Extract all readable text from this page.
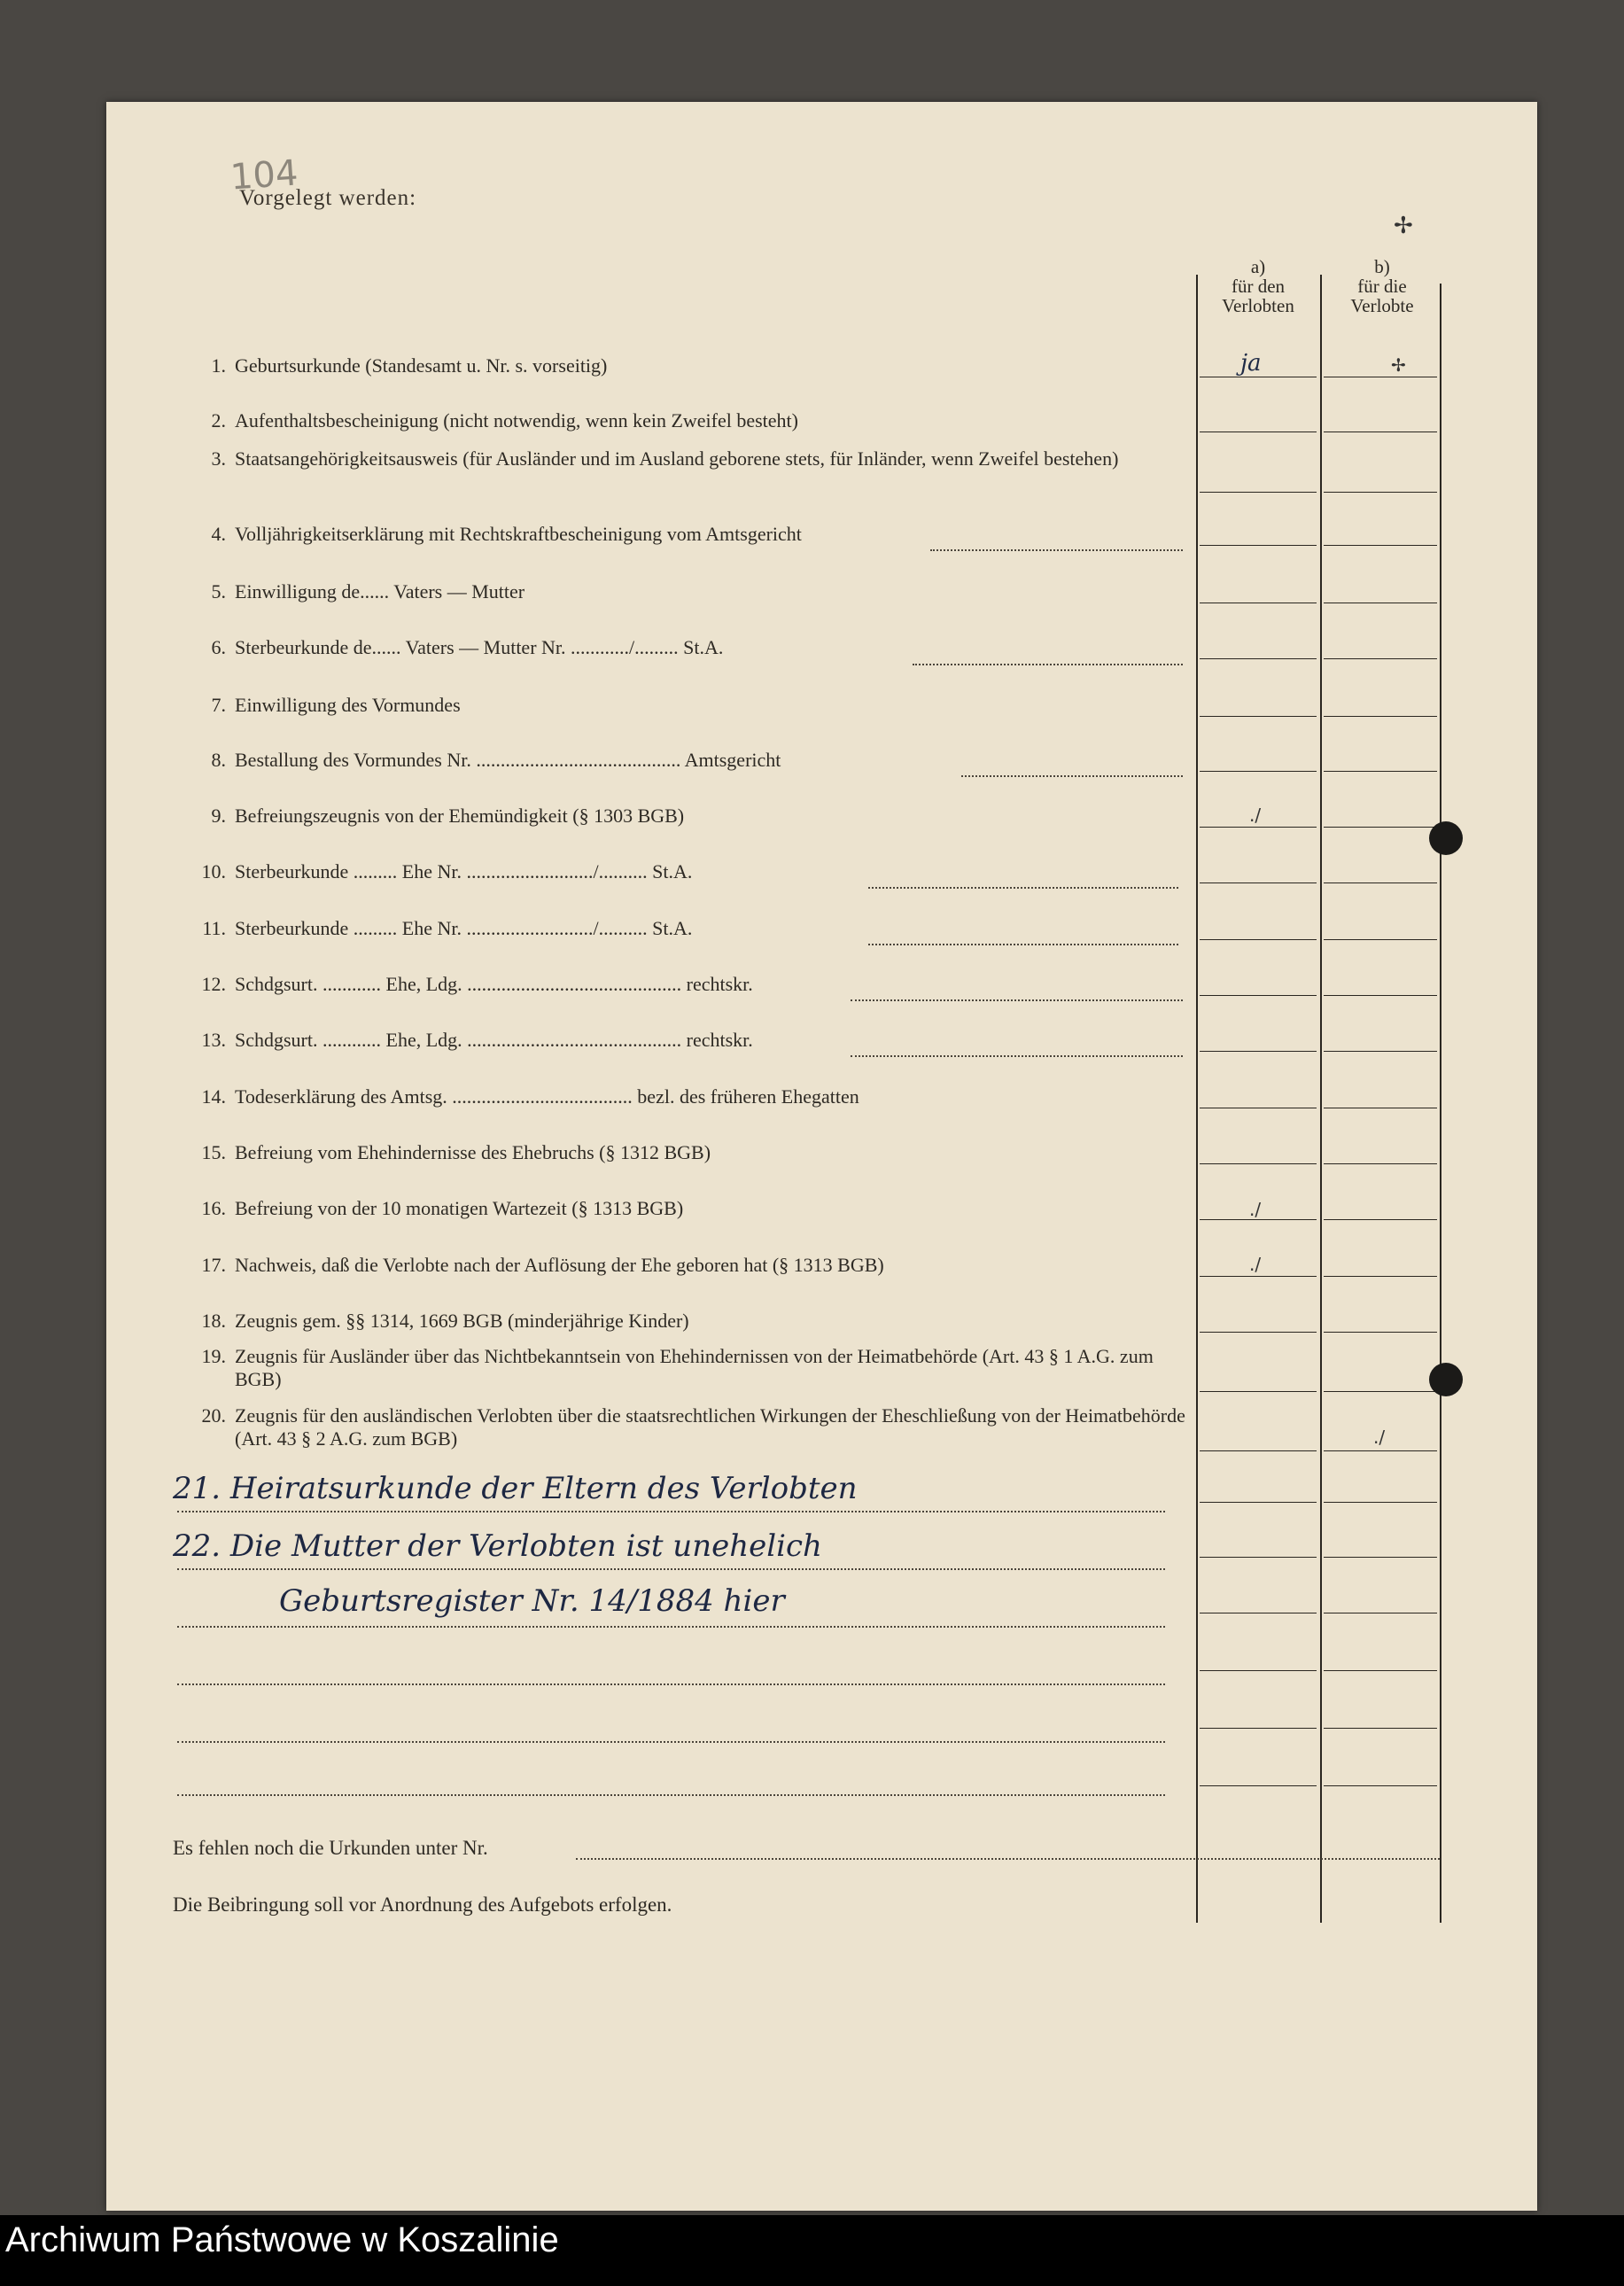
104
Vorgelegt werden:
✢
a)
für den
Verlobten
b)
für die
Verlobte
1. Geburtsurkunde (Standesamt u. Nr. s. vorseitig)
2. Aufenthaltsbescheinigung (nicht notwendig, wenn kein Zweifel besteht)
3. Staatsangehörigkeitsausweis (für Ausländer und im Ausland geborene stets, für Inländer, wenn Zweifel bestehen)
4. Volljährigkeitserklärung mit Rechtskraftbescheinigung vom Amtsgericht
5. Einwilligung de...... Vaters — Mutter
6. Sterbeurkunde de...... Vaters — Mutter Nr. ............/......... St.A.
7. Einwilligung des Vormundes
8. Bestallung des Vormundes Nr. .......................................... Amtsgericht
9. Befreiungszeugnis von der Ehemündigkeit (§ 1303 BGB)
10. Sterbeurkunde ......... Ehe Nr. ........................../.......... St.A.
11. Sterbeurkunde ......... Ehe Nr. ........................../.......... St.A.
12. Schdgsurt. ............ Ehe, Ldg. ............................................ rechtskr.
13. Schdgsurt. ............ Ehe, Ldg. ............................................ rechtskr.
14. Todeserklärung des Amtsg. ..................................... bezl. des früheren Ehegatten
15. Befreiung vom Ehehindernisse des Ehebruchs (§ 1312 BGB)
16. Befreiung von der 10 monatigen Wartezeit (§ 1313 BGB)
17. Nachweis, daß die Verlobte nach der Auflösung der Ehe geboren hat (§ 1313 BGB)
18. Zeugnis gem. §§ 1314, 1669 BGB (minderjährige Kinder)
19. Zeugnis für Ausländer über das Nichtbekanntsein von Ehehindernissen von der Heimatbehörde (Art. 43 § 1 A.G. zum BGB)
20. Zeugnis für den ausländischen Verlobten über die staatsrechtlichen Wirkungen der Eheschließung von der Heimatbehörde (Art. 43 § 2 A.G. zum BGB)
ja	✢
./
./
./
./
21. Heiratsurkunde der Eltern des Verlobten
22. Die Mutter der Verlobten ist unehelich
Geburtsregister Nr. 14/1884 hier
Es fehlen noch die Urkunden unter Nr.
Die Beibringung soll vor Anordnung des Aufgebots erfolgen.
Archiwum Państwowe w Koszalinie
